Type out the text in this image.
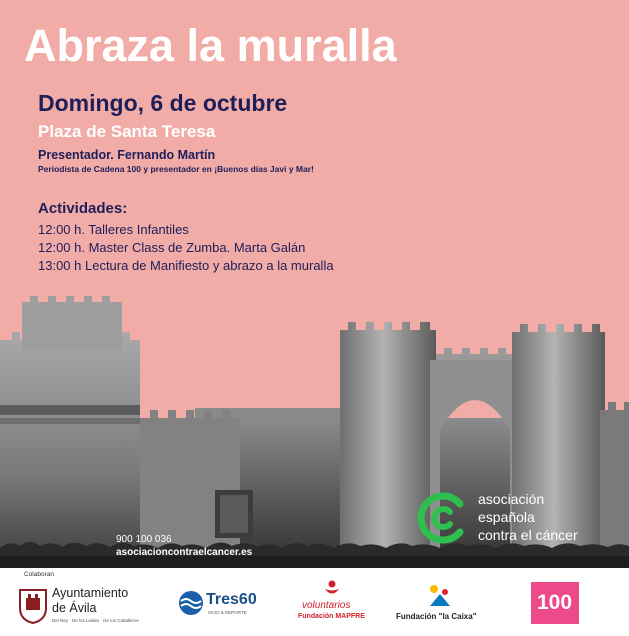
Abraza la muralla
Domingo, 6 de octubre
Plaza de Santa Teresa
Presentador. Fernando Martín
Periodista de Cadena 100 y presentador en ¡Buenos días Javi y Mar!
Actividades:
12:00 h. Talleres Infantiles
12:00 h. Master Class de Zumba. Marta Galán
13:00 h Lectura de Manifiesto y abrazo a la muralla
900 100 036
asociacioncontraelcancer.es
asociación
española
contra el cáncer
Colaboran
Ayuntamiento
de Ávila
Del Rey · De los Leales · De los Caballeros
Tres60
OCIO & DEPORTE
voluntarios
Fundación MAPFRE	Fundación "la Caixa"
100
